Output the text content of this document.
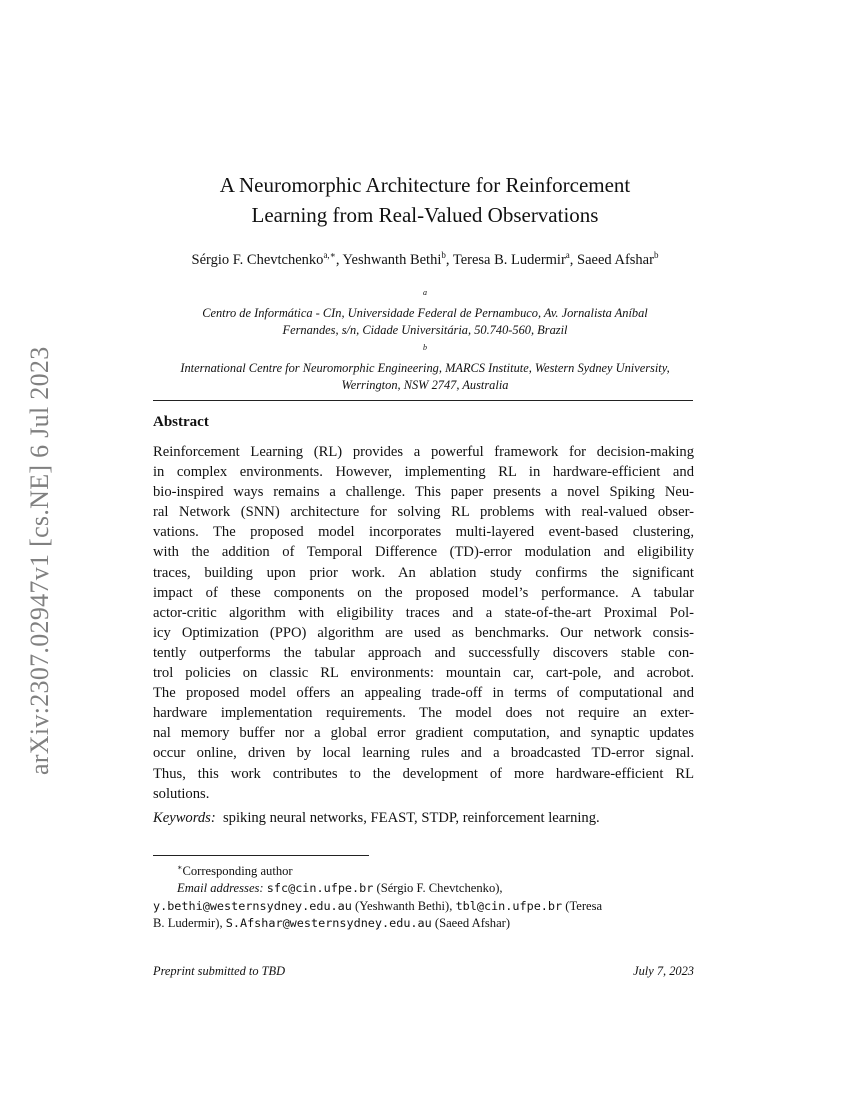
arXiv:2307.02947v1 [cs.NE] 6 Jul 2023
A Neuromorphic Architecture for Reinforcement
Learning from Real-Valued Observations
Sérgio F. Chevtchenko$^{a,∗}$, Yeshwanth Bethi$^b$, Teresa B. Ludermir$^a$, Saeed Afshar$^b$
$^a$
Centro de Informática - CIn, Universidade Federal de Pernambuco, Av. Jornalista Aníbal
Fernandes, s/n, Cidade Universitária, 50.740-560, Brazil
$^b$
International Centre for Neuromorphic Engineering, MARCS Institute, Western Sydney University,
Werrington, NSW 2747, Australia
Abstract
Reinforcement Learning (RL) provides a powerful framework for decision-making
in complex environments. However, implementing RL in hardware-efficient and
bio-inspired ways remains a challenge. This paper presents a novel Spiking Neu-
ral Network (SNN) architecture for solving RL problems with real-valued obser-
vations. The proposed model incorporates multi-layered event-based clustering,
with the addition of Temporal Difference (TD)-error modulation and eligibility
traces, building upon prior work. An ablation study confirms the significant
impact of these components on the proposed model’s performance. A tabular
actor-critic algorithm with eligibility traces and a state-of-the-art Proximal Pol-
icy Optimization (PPO) algorithm are used as benchmarks. Our network consis-
tently outperforms the tabular approach and successfully discovers stable con-
trol policies on classic RL environments: mountain car, cart-pole, and acrobot.
The proposed model offers an appealing trade-off in terms of computational and
hardware implementation requirements. The model does not require an exter-
nal memory buffer nor a global error gradient computation, and synaptic updates
occur online, driven by local learning rules and a broadcasted TD-error signal.
Thus, this work contributes to the development of more hardware-efficient RL
solutions.
Keywords: spiking neural networks, FEAST, STDP, reinforcement learning.
∗Corresponding author
Email addresses: sfc@cin.ufpe.br (Sérgio F. Chevtchenko),
y.bethi@westernsydney.edu.au (Yeshwanth Bethi), tbl@cin.ufpe.br (Teresa
B. Ludermir), S.Afshar@westernsydney.edu.au (Saeed Afshar)
Preprint submitted to TBD	July 7, 2023
